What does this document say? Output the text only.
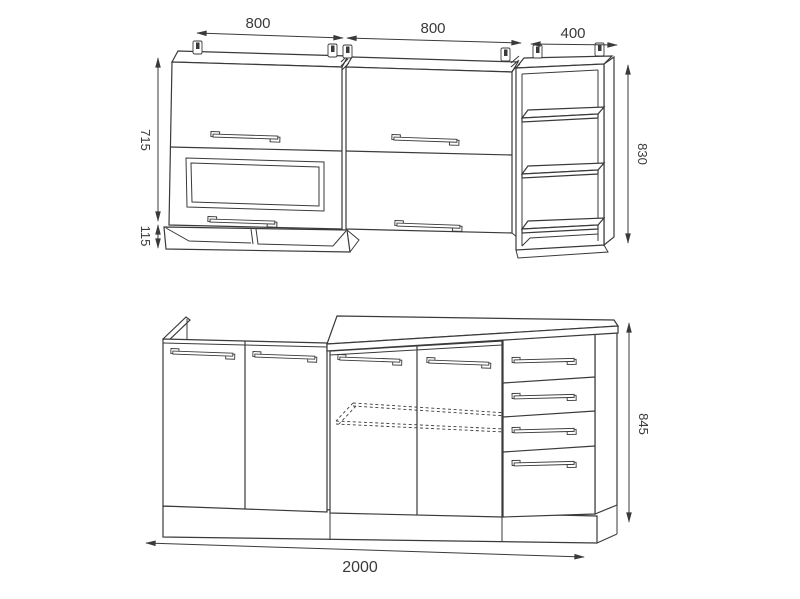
800	800	400
715
115
830
845
2000
